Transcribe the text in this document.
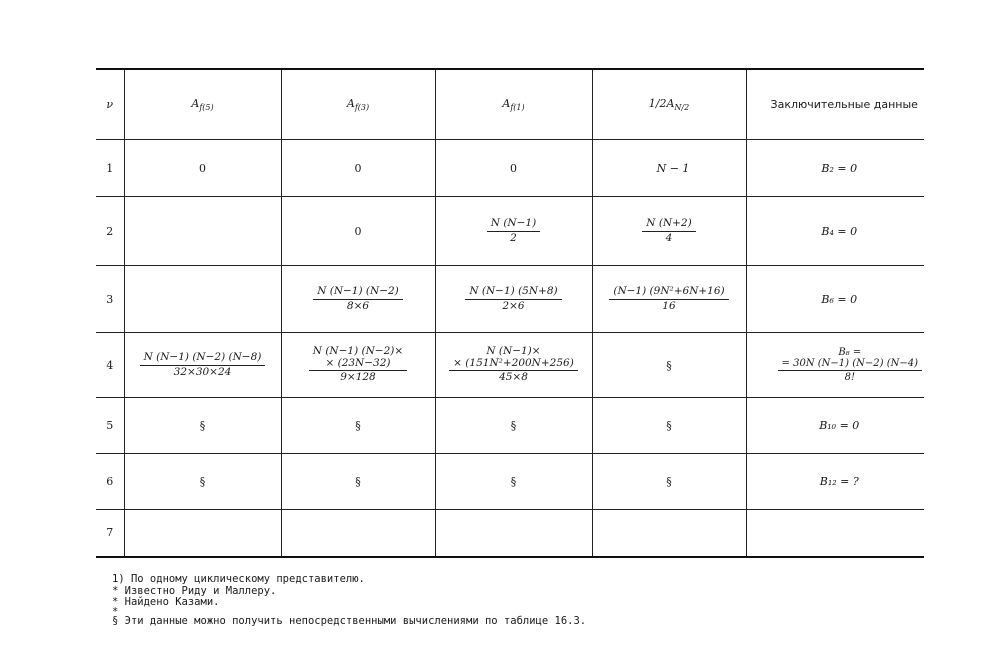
ν	$A_{f(5)}$	$A_{f(3)}$	$A_{f(1)}$	$1/2A_{N/2}$	Заключительные данные
1	0	0	0	N − 1	B₂ = 0
2		0	$\frac{N (N-1)}{2}$	$\frac{N (N+2)}{4}$	B₄ = 0
3		$\frac{N (N-1) (N-2)}{8\times 6}$	$\frac{N (N-1) (5N+8)}{2\times 6}$	$\frac{\text{(N−1) (9N²+6N+16)}}{16}$	B₆ = 0
4	$\frac{N (N-1) (N-2) (N-8)}{32\times 30\times 24}$	N (N−1) (N−2)×
× (23N−32)
9×128	N (N−1)×
× (151N²+200N+256)
45×8	§	B₈ =
= 30N (N−1) (N−2) (N−4)
8!

5	§	§	§	§	B₁₀ = 0
6	§	§	§	§	B₁₂ = ?
7					
1) По одному циклическому представителю.
* Известно Риду и Маллеру.
* Найдено Казами.
*
§ Эти данные можно получить непосредственными вычислениями по таблице 16.3.
